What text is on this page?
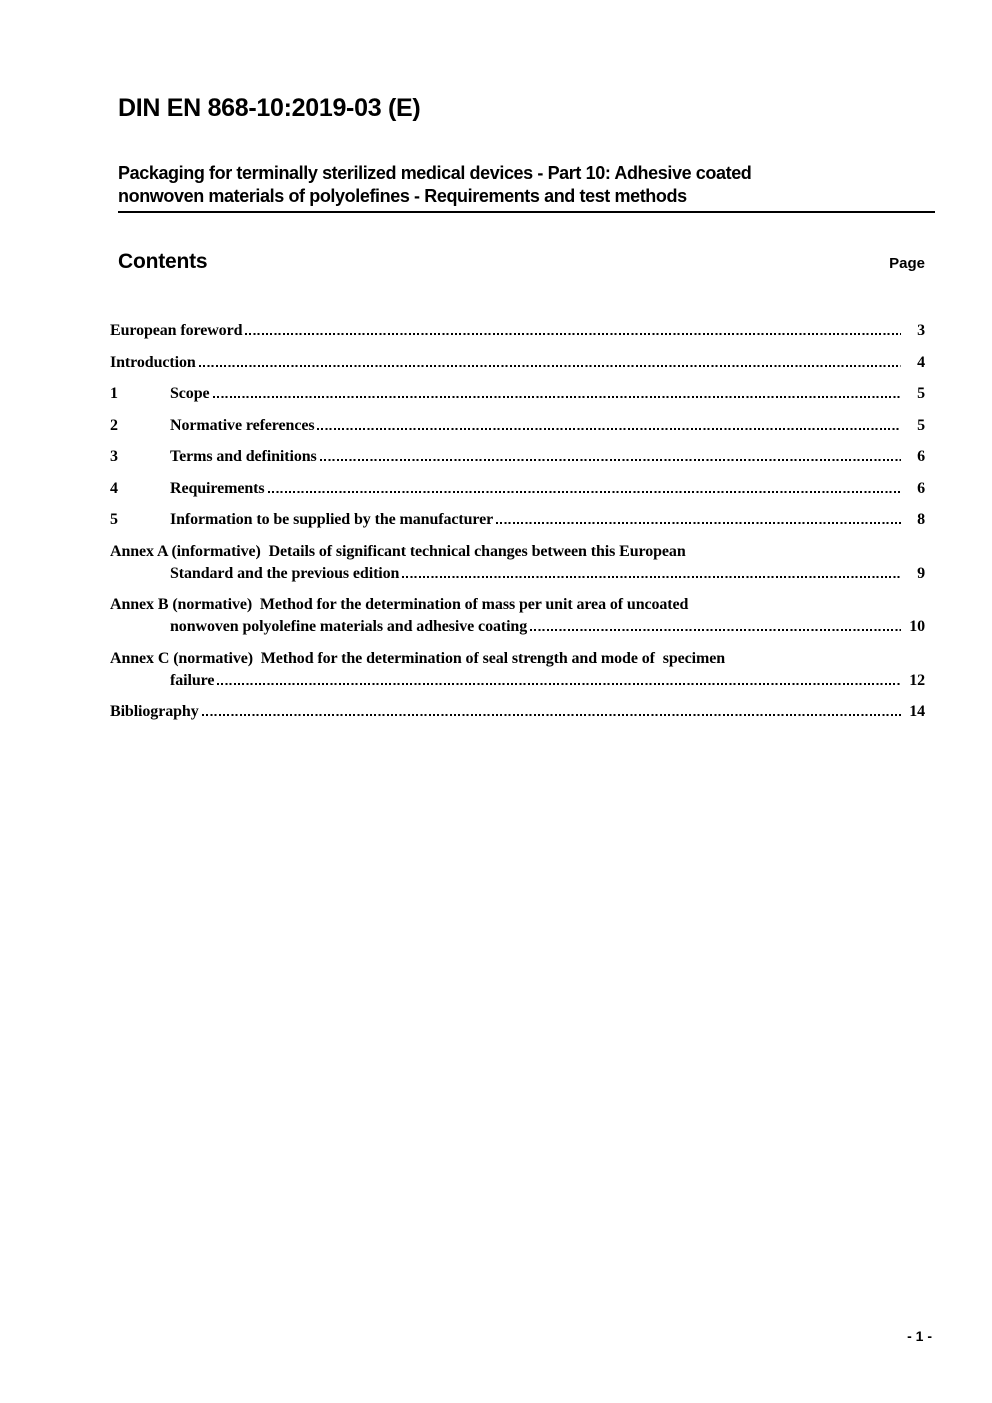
DIN EN 868-10:2019-03 (E)
Packaging for terminally sterilized medical devices - Part 10: Adhesive coated
nonwoven materials of polyolefines - Requirements and test methods
Contents	Page
European foreword	3
Introduction	4
1	Scope	5
2	Normative references	5
3	Terms and definitions	6
4	Requirements	6
5	Information to be supplied by the manufacturer	8
Annex A (informative)  Details of significant technical changes between this European
Standard and the previous edition	9
Annex B (normative)  Method for the determination of mass per unit area of uncoated
nonwoven polyolefine materials and adhesive coating	10
Annex C (normative)  Method for the determination of seal strength and mode of  specimen
failure	12
Bibliography	14
- 1 -
